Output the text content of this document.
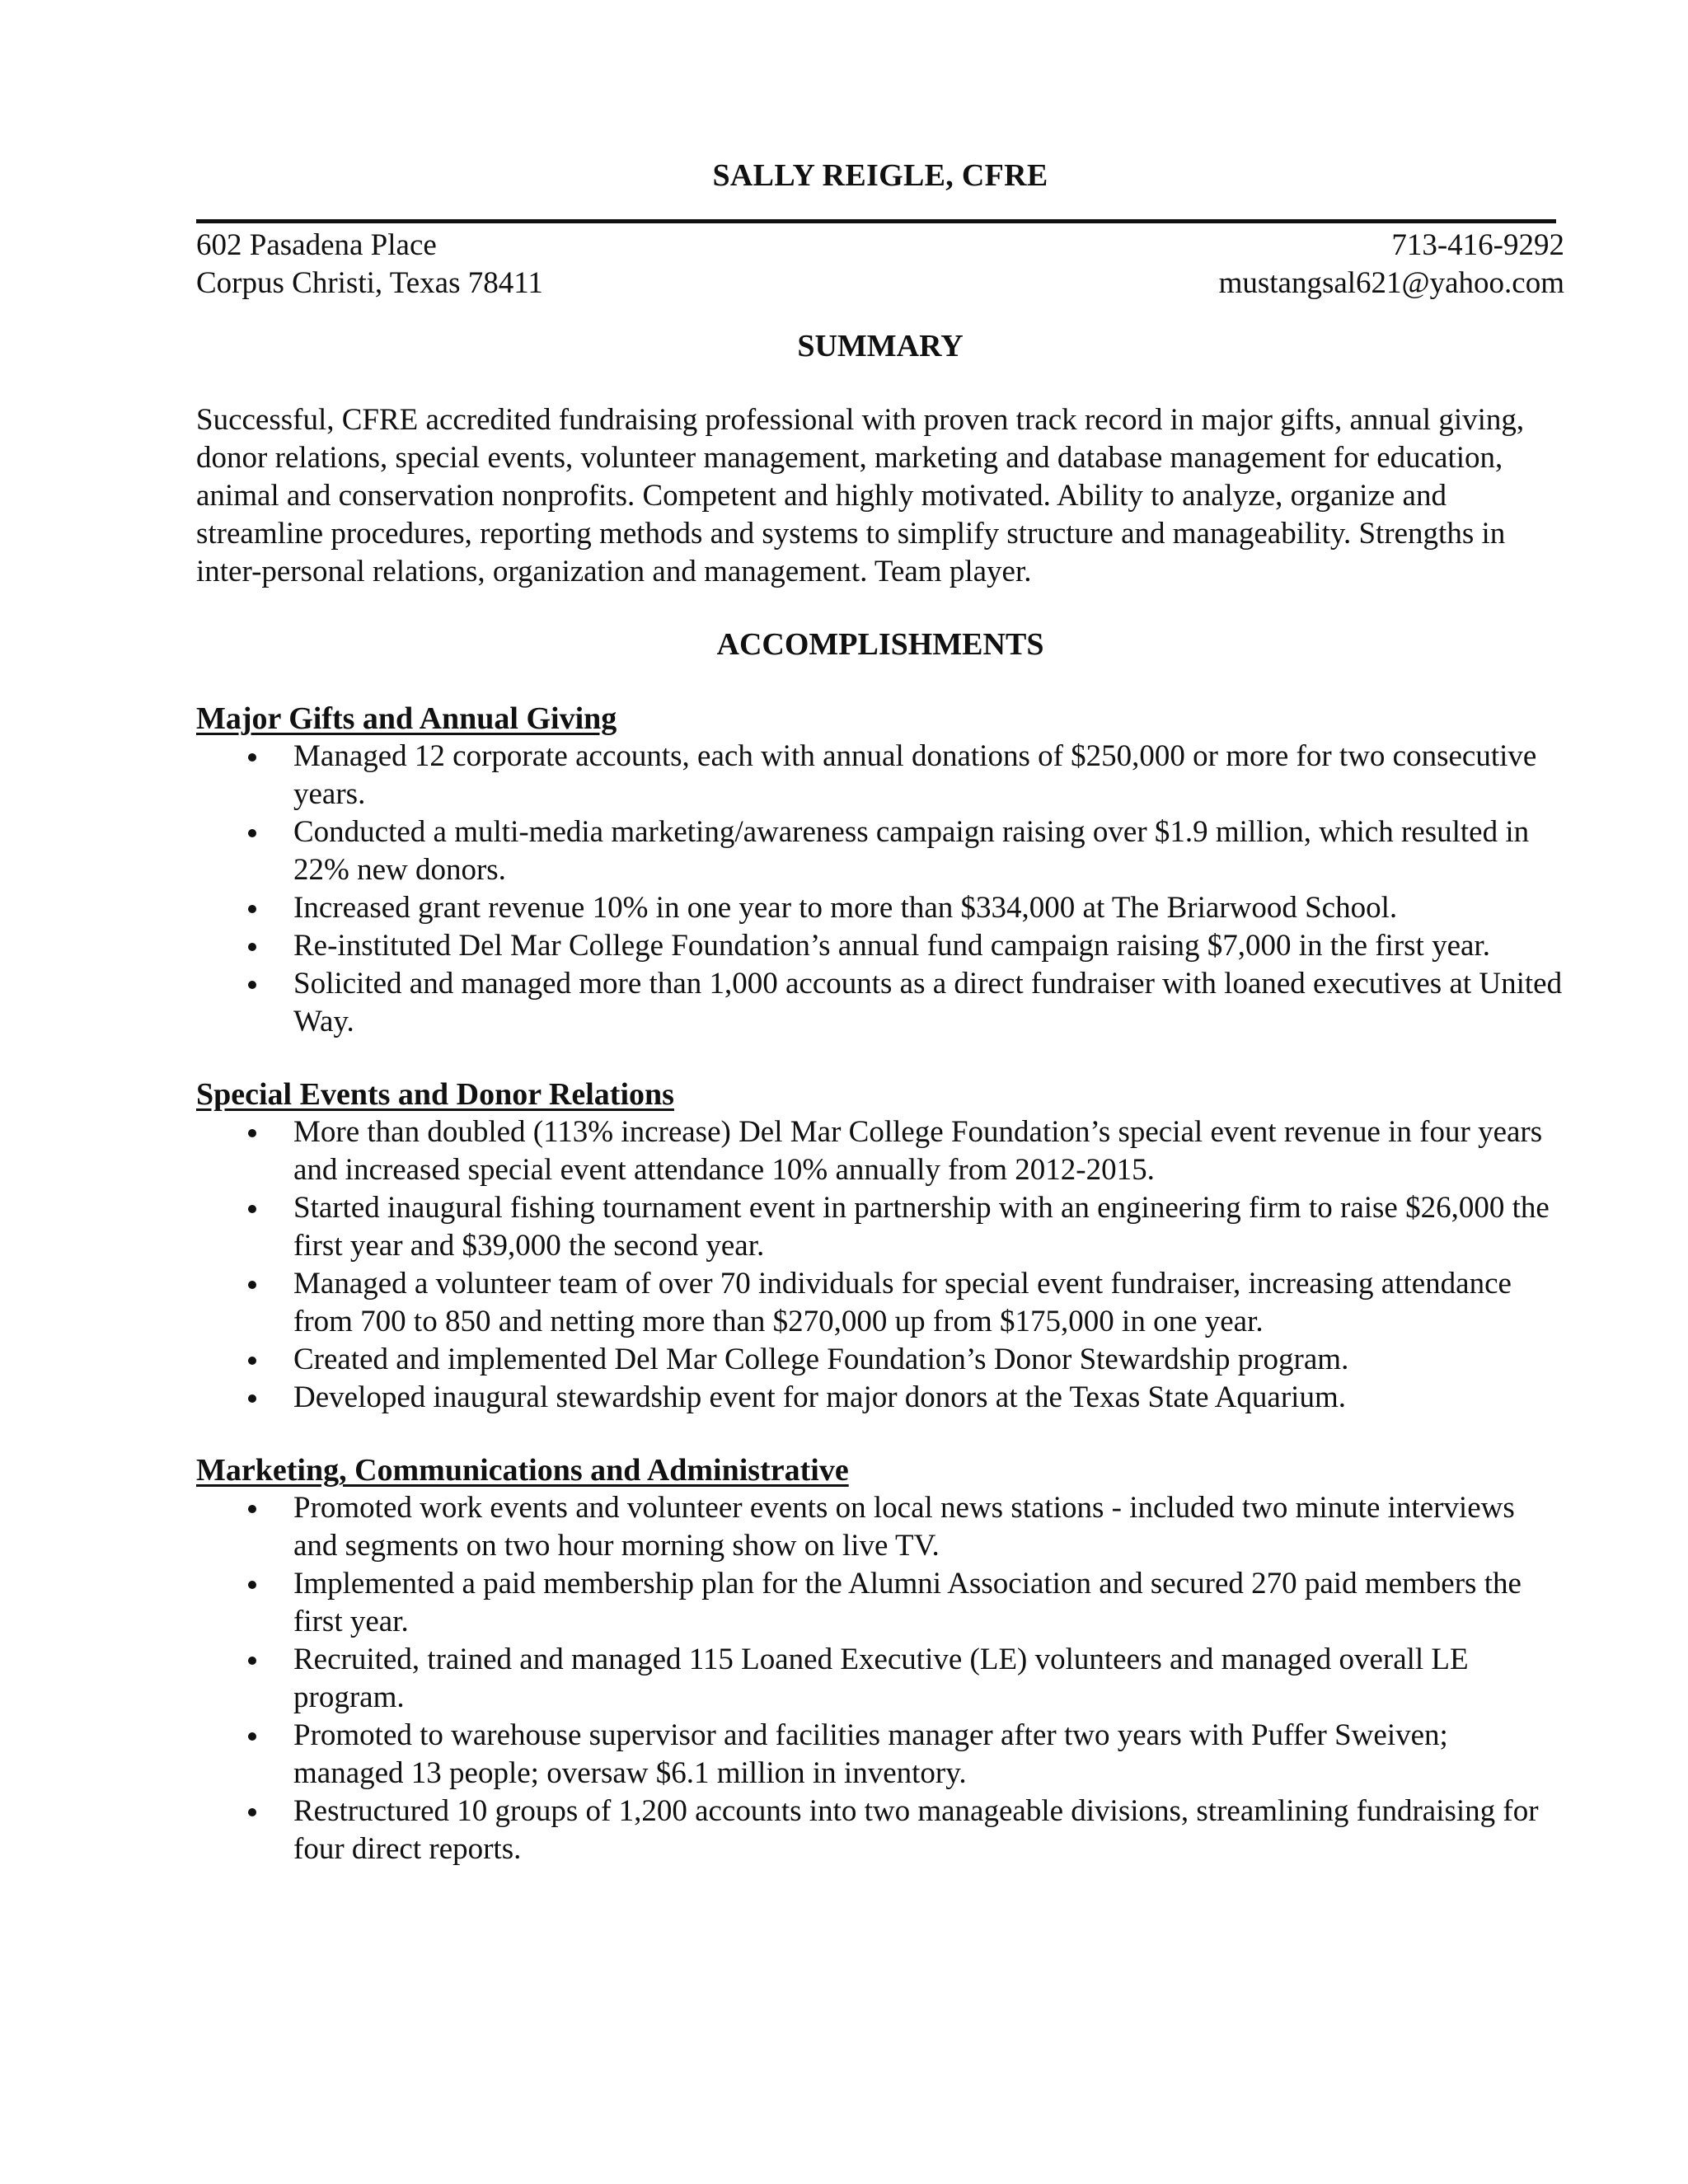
SALLY REIGLE, CFRE
602 Pasadena Place
Corpus Christi, Texas 78411
713-416-9292
mustangsal621@yahoo.com
SUMMARY

Successful, CFRE accredited fundraising professional with proven track record in major gifts, annual giving, donor relations, special events, volunteer management, marketing and database management for education, animal and conservation nonprofits. Competent and highly motivated. Ability to analyze, organize and streamline procedures, reporting methods and systems to simplify structure and manageability. Strengths in inter-personal relations, organization and management. Team player.

ACCOMPLISHMENTS
Major Gifts and Annual Giving
Managed 12 corporate accounts, each with annual donations of $250,000 or more for two consecutive years.
Conducted a multi-media marketing/awareness campaign raising over $1.9 million, which resulted in 22% new donors.
Increased grant revenue 10% in one year to more than $334,000 at The Briarwood School.
Re-instituted Del Mar College Foundation’s annual fund campaign raising $7,000 in the first year.
Solicited and managed more than 1,000 accounts as a direct fundraiser with loaned executives at United Way.
Special Events and Donor Relations
More than doubled (113% increase) Del Mar College Foundation’s special event revenue in four years and increased special event attendance 10% annually from 2012-2015.
Started inaugural fishing tournament event in partnership with an engineering firm to raise $26,000 the first year and $39,000 the second year.
Managed a volunteer team of over 70 individuals for special event fundraiser, increasing attendance from 700 to 850 and netting more than $270,000 up from $175,000 in one year.
Created and implemented Del Mar College Foundation’s Donor Stewardship program.
Developed inaugural stewardship event for major donors at the Texas State Aquarium.
Marketing, Communications and Administrative
Promoted work events and volunteer events on local news stations - included two minute interviews and segments on two hour morning show on live TV.
Implemented a paid membership plan for the Alumni Association and secured 270 paid members the first year.
Recruited, trained and managed 115 Loaned Executive (LE) volunteers and managed overall LE program.
Promoted to warehouse supervisor and facilities manager after two years with Puffer Sweiven; managed 13 people; oversaw $6.1 million in inventory.
Restructured 10 groups of 1,200 accounts into two manageable divisions, streamlining fundraising for four direct reports.
